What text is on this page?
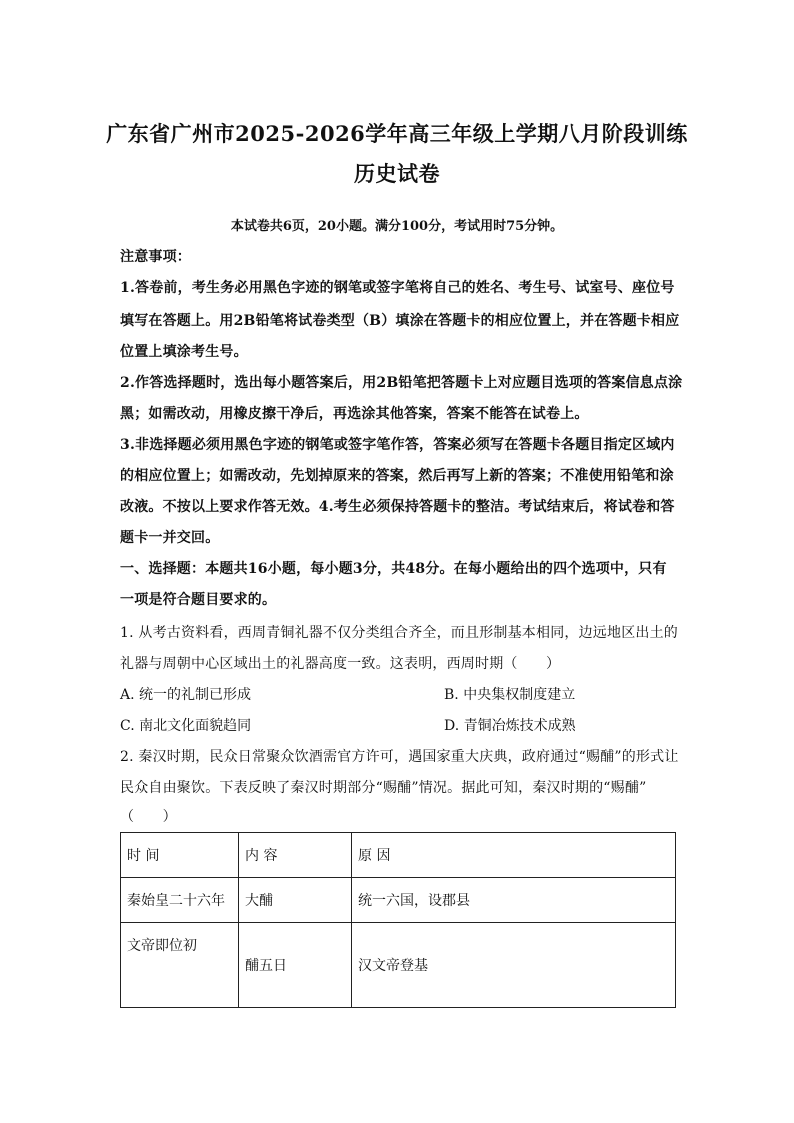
广东省广州市2025-2026学年高三年级上学期八月阶段训练
历史试卷
本试卷共6页，20小题。满分100分，考试用时75分钟。
注意事项：
1.答卷前，考生务必用黑色字迹的钢笔或签字笔将自己的姓名、考生号、试室号、座位号
填写在答题上。用2B铅笔将试卷类型（B）填涂在答题卡的相应位置上，并在答题卡相应
位置上填涂考生号。
2.作答选择题时，选出每小题答案后，用2B铅笔把答题卡上对应题目选项的答案信息点涂
黑；如需改动，用橡皮擦干净后，再选涂其他答案，答案不能答在试卷上。
3.非选择题必须用黑色字迹的钢笔或签字笔作答，答案必须写在答题卡各题目指定区域内
的相应位置上；如需改动，先划掉原来的答案，然后再写上新的答案；不准使用铅笔和涂
改液。不按以上要求作答无效。4.考生必须保持答题卡的整洁。考试结束后，将试卷和答
题卡一并交回。
一、选择题：本题共16小题，每小题3分，共48分。在每小题给出的四个选项中，只有
一项是符合题目要求的。
1. 从考古资料看，西周青铜礼器不仅分类组合齐全，而且形制基本相同，边远地区出土的
礼器与周朝中心区域出土的礼器高度一致。这表明，西周时期（　　）
A. 统一的礼制已形成	B. 中央集权制度建立
C. 南北文化面貌趋同	D. 青铜冶炼技术成熟
2. 秦汉时期，民众日常聚众饮酒需官方许可，遇国家重大庆典，政府通过“赐酺”的形式让
民众自由聚饮。下表反映了秦汉时期部分“赐酺”情况。据此可知，秦汉时期的“赐酺”
（　　）
时 间	内 容	原 因
秦始皇二十六年	大酺	统一六国，设郡县
文帝即位初	酺五日	汉文帝登基
